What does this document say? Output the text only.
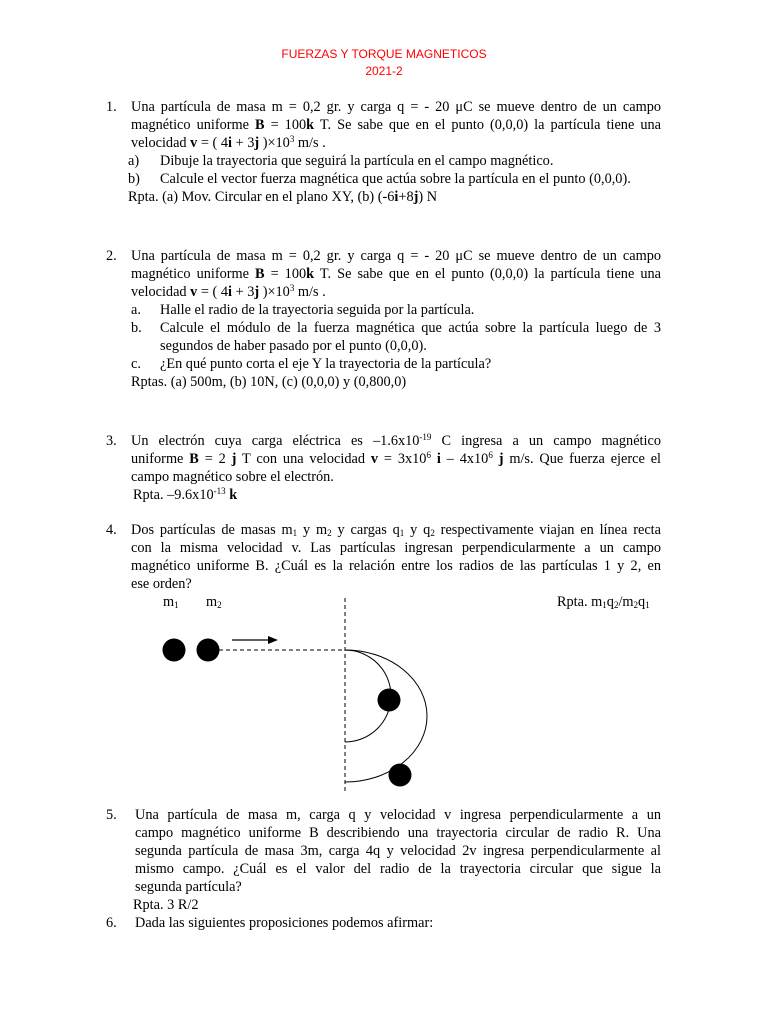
FUERZAS Y TORQUE MAGNETICOS
2021-2
1. Una partícula de masa m = 0,2 gr. y carga q = - 20 μC se mueve dentro de un campo
magnético uniforme B = 100k T. Se sabe que en el punto (0,0,0) la partícula tiene una
velocidad v = ( 4i + 3j )$\times 10^3$ m/s .
a) Dibuje la trayectoria que seguirá la partícula en el campo magnético.
b) Calcule el vector fuerza magnética que actúa sobre la partícula en el punto (0,0,0).
Rpta. (a) Mov. Circular en el plano XY, (b) (-6i+8j) N
2. Una partícula de masa m = 0,2 gr. y carga q = - 20 μC se mueve dentro de un campo
magnético uniforme B = 100k T. Se sabe que en el punto (0,0,0) la partícula tiene una
velocidad v = ( 4i + 3j )$\times 10^3$ m/s .
a. Halle el radio de la trayectoria seguida por la partícula.
b. Calcule el módulo de la fuerza magnética que actúa sobre la partícula luego de 3
segundos de haber pasado por el punto (0,0,0).
c. ¿En qué punto corta el eje Y la trayectoria de la partícula?
Rptas. (a) 500m, (b) 10N, (c) (0,0,0) y (0,800,0)
3. Un electrón cuya carga eléctrica es $-1.6x10^{-19}$ C ingresa a un campo magnético
uniforme B = 2 j T con una velocidad $v = 3x10^6$ i – $4x10^6$ j m/s. Que fuerza ejerce el
campo magnético sobre el electrón.
Rpta. $-9.6x10^{-13}$ k
4. Dos partículas de masas $m_1$ y $m_2$ y cargas $q_1$ y $q_2$ respectivamente viajan en línea recta
con la misma velocidad v. Las partículas ingresan perpendicularmente a un campo
magnético uniforme B. ¿Cuál es la relación entre los radios de las partículas 1 y 2, en
ese orden?
$m_1$ $m_2$	Rpta. $m_1q_2/m_2q_1$
5. Una partícula de masa m, carga q y velocidad v ingresa perpendicularmente a un
campo magnético uniforme B describiendo una trayectoria circular de radio R. Una
segunda partícula de masa 3m, carga 4q y velocidad 2v ingresa perpendicularmente al
mismo campo. ¿Cuál es el valor del radio de la trayectoria circular que sigue la
segunda partícula?
Rpta. 3 R/2
6. Dada las siguientes proposiciones podemos afirmar:
